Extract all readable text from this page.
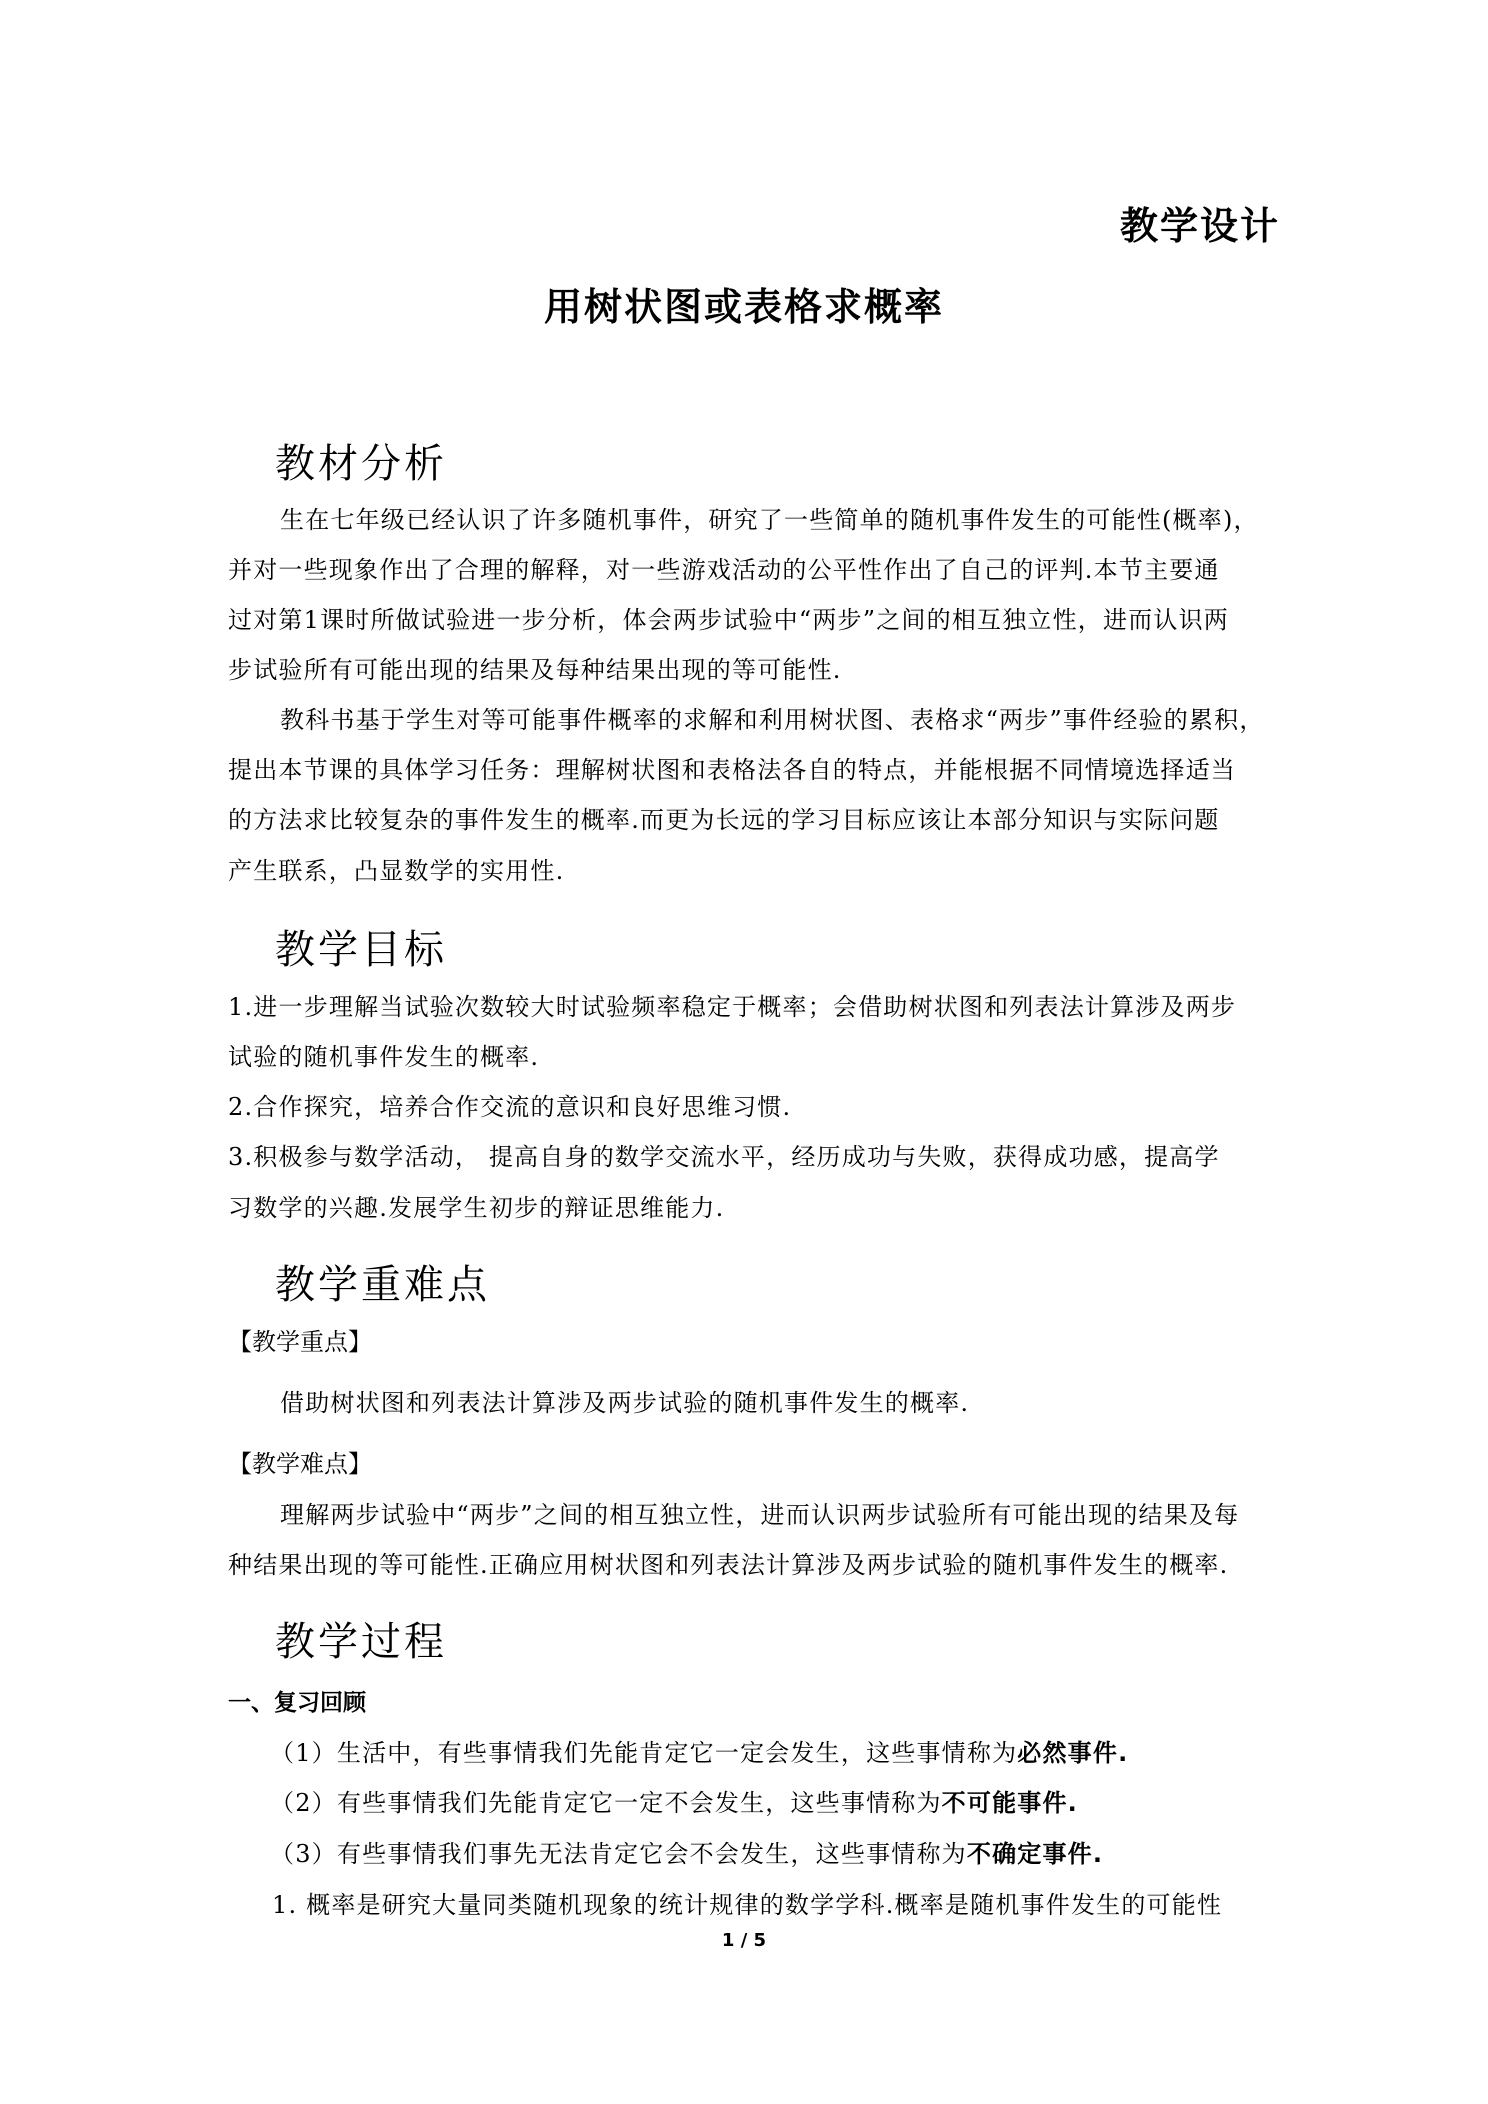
教学设计
用树状图或表格求概率
教材分析
生在七年级已经认识了许多随机事件，研究了一些简单的随机事件发生的可能性(概率)，
并对一些现象作出了合理的解释，对一些游戏活动的公平性作出了自己的评判.本节主要通
过对第1课时所做试验进一步分析，体会两步试验中“两步”之间的相互独立性，进而认识两
步试验所有可能出现的结果及每种结果出现的等可能性.
教科书基于学生对等可能事件概率的求解和利用树状图、表格求“两步”事件经验的累积，
提出本节课的具体学习任务：理解树状图和表格法各自的特点，并能根据不同情境选择适当
的方法求比较复杂的事件发生的概率.而更为长远的学习目标应该让本部分知识与实际问题
产生联系，凸显数学的实用性.
教学目标
1.进一步理解当试验次数较大时试验频率稳定于概率；会借助树状图和列表法计算涉及两步
试验的随机事件发生的概率.
2.合作探究，培养合作交流的意识和良好思维习惯.
3.积极参与数学活动， 提高自身的数学交流水平，经历成功与失败，获得成功感，提高学
习数学的兴趣.发展学生初步的辩证思维能力.
教学重难点
【教学重点】
借助树状图和列表法计算涉及两步试验的随机事件发生的概率.
【教学难点】
理解两步试验中“两步”之间的相互独立性，进而认识两步试验所有可能出现的结果及每
种结果出现的等可能性.正确应用树状图和列表法计算涉及两步试验的随机事件发生的概率.
教学过程
一、复习回顾
（1）生活中，有些事情我们先能肯定它一定会发生，这些事情称为必然事件.
（2）有些事情我们先能肯定它一定不会发生，这些事情称为不可能事件.
（3）有些事情我们事先无法肯定它会不会发生，这些事情称为不确定事件.
1. 概率是研究大量同类随机现象的统计规律的数学学科.概率是随机事件发生的可能性
1 / 5
